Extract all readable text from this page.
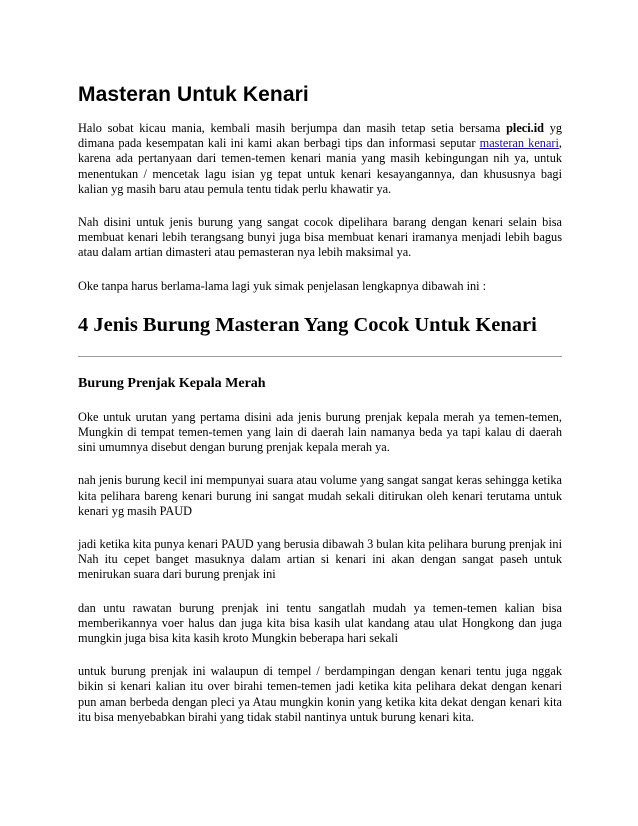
Masteran Untuk Kenari

Halo sobat kicau mania, kembali masih berjumpa dan masih tetap setia bersama pleci.id yg dimana pada kesempatan kali ini kami akan berbagi tips dan informasi seputar masteran kenari, karena ada pertanyaan dari temen-temen kenari mania yang masih kebingungan nih ya, untuk menentukan / mencetak lagu isian yg tepat untuk kenari kesayangannya, dan khususnya bagi kalian yg masih baru atau pemula tentu tidak perlu khawatir ya.

Nah disini untuk jenis burung yang sangat cocok dipelihara barang dengan kenari selain bisa membuat kenari lebih terangsang bunyi juga bisa membuat kenari iramanya menjadi lebih bagus atau dalam artian dimasteri atau pemasteran nya lebih maksimal ya.

Oke tanpa harus berlama-lama lagi yuk simak penjelasan lengkapnya dibawah ini :

4 Jenis Burung Masteran Yang Cocok Untuk Kenari
Burung Prenjak Kepala Merah

Oke untuk urutan yang pertama disini ada jenis burung prenjak kepala merah ya temen-temen, Mungkin di tempat temen-temen yang lain di daerah lain namanya beda ya tapi kalau di daerah sini umumnya disebut dengan burung prenjak kepala merah ya.

nah jenis burung kecil ini mempunyai suara atau volume yang sangat sangat keras sehingga ketika kita pelihara bareng kenari burung ini sangat mudah sekali ditirukan oleh kenari terutama untuk kenari yg masih PAUD

jadi ketika kita punya kenari PAUD yang berusia dibawah 3 bulan kita pelihara burung prenjak ini Nah itu cepet banget masuknya dalam artian si kenari ini akan dengan sangat paseh untuk menirukan suara dari burung prenjak ini

dan untu rawatan burung prenjak ini tentu sangatlah mudah ya temen-temen kalian bisa memberikannya voer halus dan juga kita bisa kasih ulat kandang atau ulat Hongkong dan juga mungkin juga bisa kita kasih kroto Mungkin beberapa hari sekali

untuk burung prenjak ini walaupun di tempel / berdampingan dengan kenari tentu juga nggak bikin si kenari kalian itu over birahi temen-temen jadi ketika kita pelihara dekat dengan kenari pun aman berbeda dengan pleci ya Atau mungkin konin yang ketika kita dekat dengan kenari kita itu bisa menyebabkan birahi yang tidak stabil nantinya untuk burung kenari kita.
